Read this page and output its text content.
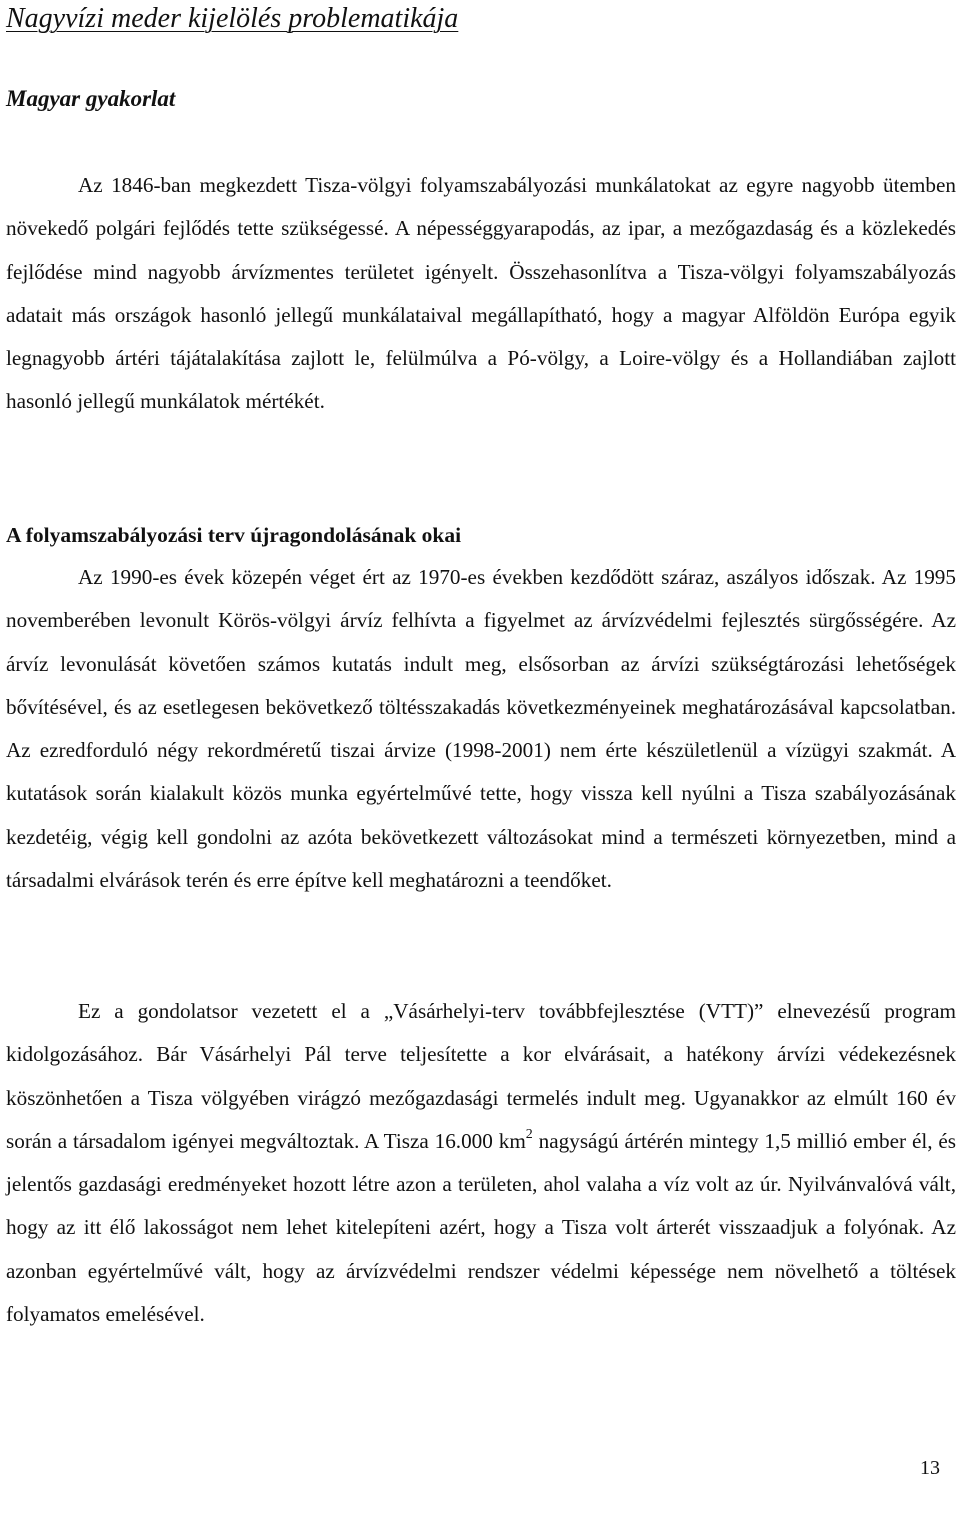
Nagyvízi meder kijelölés problematikája
Magyar gyakorlat

Az 1846-ban megkezdett Tisza-völgyi folyamszabályozási munkálatokat az egyre nagyobb ütemben növekedő polgári fejlődés tette szükségessé. A népességgyarapodás, az ipar, a mezőgazdaság és a közlekedés fejlődése mind nagyobb árvízmentes területet igényelt. Összehasonlítva a Tisza-völgyi folyamszabályozás adatait más országok hasonló jellegű munkálataival megállapítható, hogy a magyar Alföldön Európa egyik legnagyobb ártéri tájátalakítása zajlott le, felülmúlva a Pó-völgy, a Loire-völgy és a Hollandiában zajlott hasonló jellegű munkálatok mértékét.

A folyamszabályozási terv újragondolásának okai

Az 1990-es évek közepén véget ért az 1970-es években kezdődött száraz, aszályos időszak. Az 1995 novemberében levonult Körös-völgyi árvíz felhívta a figyelmet az árvízvédelmi fejlesztés sürgősségére. Az árvíz levonulását követően számos kutatás indult meg, elsősorban az árvízi szükségtározási lehetőségek bővítésével, és az esetlegesen bekövetkező töltésszakadás következményeinek meghatározásával kapcsolatban. Az ezredforduló négy rekordméretű tiszai árvize (1998-2001) nem érte készületlenül a vízügyi szakmát. A kutatások során kialakult közös munka egyértelművé tette, hogy vissza kell nyúlni a Tisza szabályozásának kezdetéig, végig kell gondolni az azóta bekövetkezett változásokat mind a természeti környezetben, mind a társadalmi elvárások terén és erre építve kell meghatározni a teendőket.

Ez a gondolatsor vezetett el a „Vásárhelyi-terv továbbfejlesztése (VTT)” elnevezésű program kidolgozásához. Bár Vásárhelyi Pál terve teljesítette a kor elvárásait, a hatékony árvízi védekezésnek köszönhetően a Tisza völgyében virágzó mezőgazdasági termelés indult meg. Ugyanakkor az elmúlt 160 év során a társadalom igényei megváltoztak. A Tisza 16.000 $km^2$ nagyságú ártérén mintegy 1,5 millió ember él, és jelentős gazdasági eredményeket hozott létre azon a területen, ahol valaha a víz volt az úr. Nyilvánvalóvá vált, hogy az itt élő lakosságot nem lehet kitelepíteni azért, hogy a Tisza volt árterét visszaadjuk a folyónak. Az azonban egyértelművé vált, hogy az árvízvédelmi rendszer védelmi képessége nem növelhető a töltések folyamatos emelésével.

13
